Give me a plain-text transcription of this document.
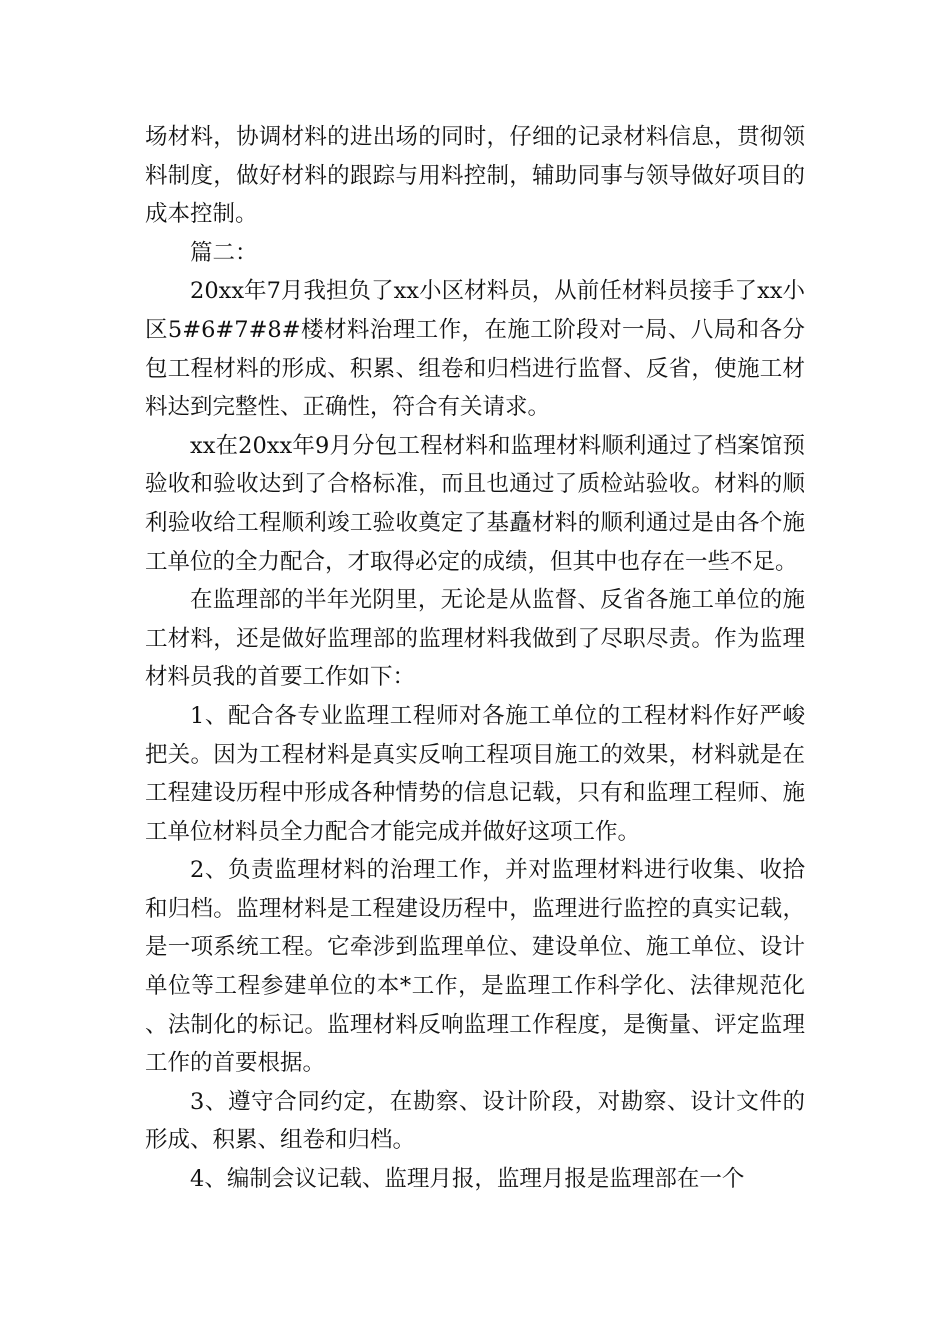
场材料，协调材料的进出场的同时，仔细的记录材料信息，贯彻领料制度，做好材料的跟踪与用料控制，辅助同事与领导做好项目的成本控制。

篇二：

20xx年7月我担负了xx小区材料员，从前任材料员接手了xx小区5#6#7#8#楼材料治理工作，在施工阶段对一局、八局和各分包工程材料的形成、积累、组卷和归档进行监督、反省，使施工材料达到完整性、正确性，符合有关请求。

xx在20xx年9月分包工程材料和监理材料顺利通过了档案馆预验收和验收达到了合格标准，而且也通过了质检站验收。材料的顺利验收给工程顺利竣工验收奠定了基矗材料的顺利通过是由各个施工单位的全力配合，才取得必定的成绩，但其中也存在一些不足。

在监理部的半年光阴里，无论是从监督、反省各施工单位的施工材料，还是做好监理部的监理材料我做到了尽职尽责。作为监理材料员我的首要工作如下：

1、配合各专业监理工程师对各施工单位的工程材料作好严峻把关。因为工程材料是真实反响工程项目施工的效果，材料就是在工程建设历程中形成各种情势的信息记载，只有和监理工程师、施工单位材料员全力配合才能完成并做好这项工作。

2、负责监理材料的治理工作，并对监理材料进行收集、收拾和归档。监理材料是工程建设历程中，监理进行监控的真实记载，是一项系统工程。它牵涉到监理单位、建设单位、施工单位、设计单位等工程参建单位的本*工作，是监理工作科学化、法律规范化、法制化的标记。监理材料反响监理工作程度，是衡量、评定监理工作的首要根据。

3、遵守合同约定，在勘察、设计阶段，对勘察、设计文件的形成、积累、组卷和归档。

4、编制会议记载、监理月报，监理月报是监理部在一个
